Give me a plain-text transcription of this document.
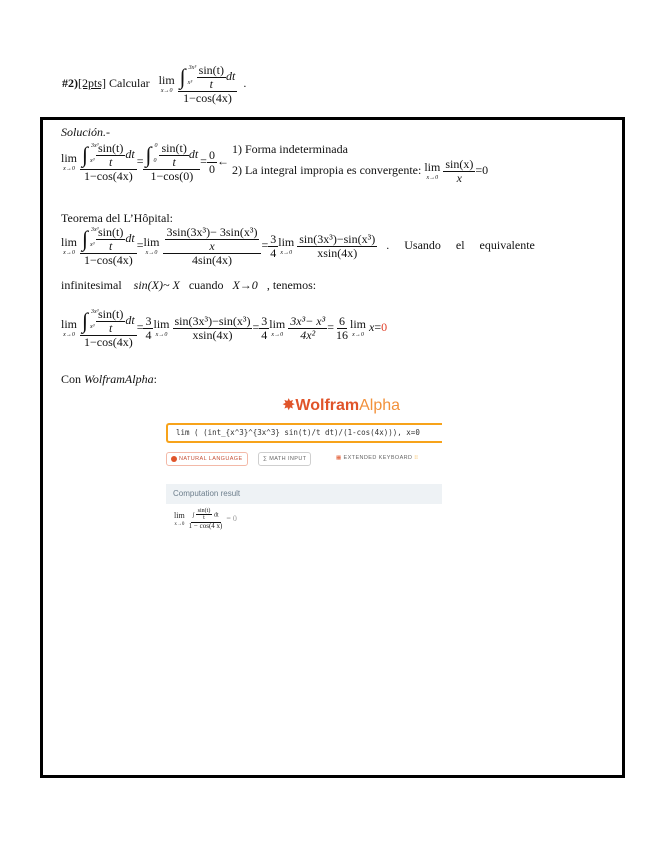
#2)[2pts] Calcular lim
x→0
∫ 3x³
x³
$\frac{\sin(t)}{t}$ dt
1−cos(4x) .
Solución.-
lim
x→0
∫ 3x³
$x^3 \frac{\sin(t)}{t}$ dt
1−cos(4x) = ∫ 0
$0 \frac{\sin(t)}{t}$ dt
$1-\cos(0) = \frac{0}{0}$ ←
1) Forma indeterminada
2) La integral impropia es convergente: lim
x→0
$\frac{\sin(x)}{x} =0$
Teorema del L’Hôpital:
lim
x→0
∫ 3x³
$x^3 \frac{\sin(t)}{t}$ dt
1−cos(4x) = lim
x→0
$\frac{\frac{\text{3sin(3x³)− 3sin(x³)}}{x}}{4\sin(4x)} = \frac{3}{4}$ lim
x→0
$\frac{\text{sin(3x³)−sin(x³)}}{xsin(4x)}$ . Usando el equivalente
infinitesimal sin(X)~ X cuando X→0 , tenemos:
lim
x→0
∫ 3x³
$x^3 \frac{\sin(t)}{t}$ dt
$1-\cos(4x) = \frac{3}{4}$ lim
x→0
$\frac{\text{sin(3x³)−sin(x³)}}{xsin(4x)} = \frac{3}{4}$ lim
x→0
$\frac{\text{3x³− x³}}{\text{4x²}} = \frac{6}{16}$ lim
x→0
x=0
Con WolframAlpha:
✸WolframAlpha
lim ( (int_{x^3}^{3x^3} sin(t)/t dt)/(1-cos(4x))), x=0
NATURAL LANGUAGE	∑ MATH INPUT	▦ EXTENDED KEYBOARD ⁞⁞
Computation result
lim
x→0
$\frac{\int \frac{\sin(t)}{t} dt}{1 - \cos(4 x)} = 0$
